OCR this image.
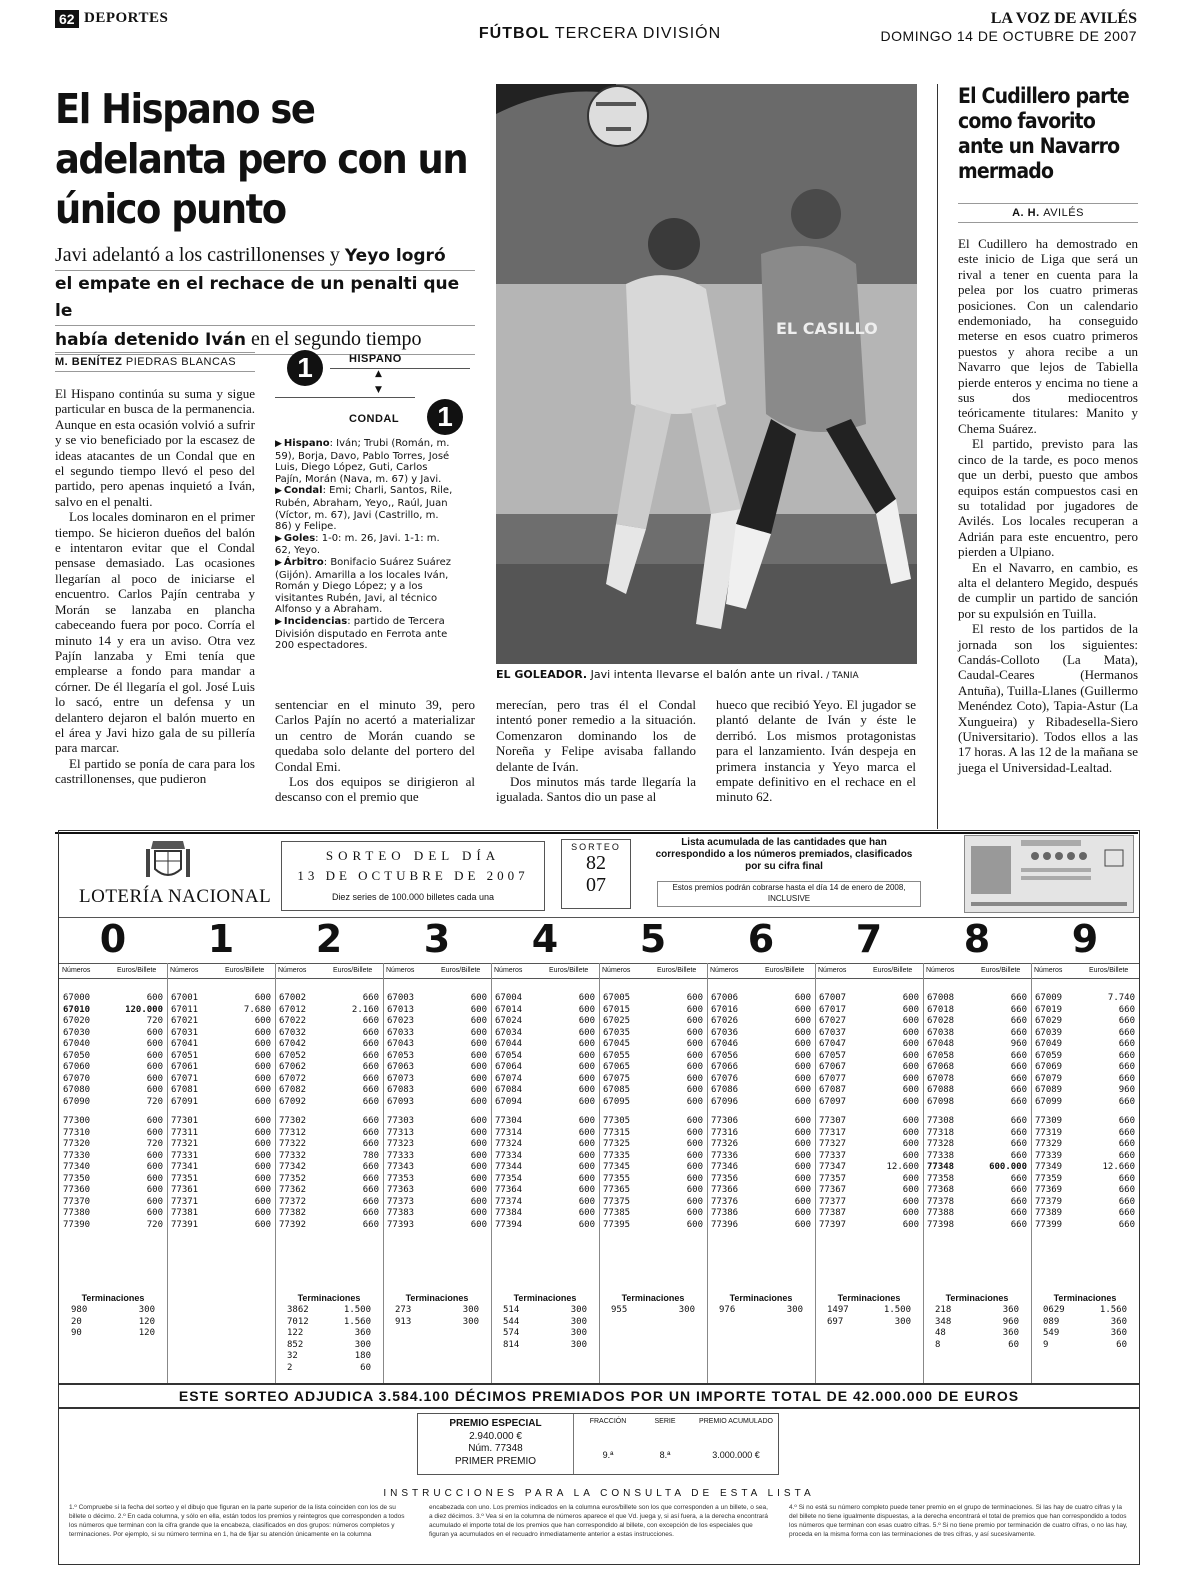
62 DEPORTES
FÚTBOL TERCERA DIVISIÓN
LA VOZ DE AVILÉS
DOMINGO 14 DE OCTUBRE DE 2007
El Hispano se adelanta pero con un único punto
Javi adelantó a los castrillonenses y Yeyo logró
el empate en el rechace de un penalti que le
había detenido Iván en el segundo tiempo
M. BENÍTEZ PIEDRAS BLANCAS

El Hispano continúa su suma y sigue particular en busca de la permanencia. Aunque en esta ocasión volvió a sufrir y se vio beneficiado por la escasez de ideas atacantes de un Condal que en el segundo tiempo llevó el peso del partido, pero apenas inquietó a Iván, salvo en el penalti.

Los locales dominaron en el primer tiempo. Se hicieron dueños del balón e intentaron evitar que el Condal pensase demasiado. Las ocasiones llegarían al poco de iniciarse el encuentro. Carlos Pajín centraba y Morán se lanzaba en plancha cabeceando fuera por poco. Corría el minuto 14 y era un aviso. Otra vez Pajín lanzaba y Emi tenía que emplearse a fondo para mandar a córner. De él llegaría el gol. José Luis lo sacó, entre un defensa y un delantero dejaron el balón muerto en el área y Javi hizo gala de su pillería para marcar.

El partido se ponía de cara para los castrillonenses, que pudieron

1	HISPANO
▲
▼
CONDAL	1
▶ Hispano: Iván; Trubi (Román, m. 59), Borja, Davo, Pablo Torres, José Luis, Diego López, Guti, Carlos Pajín, Morán (Nava, m. 67) y Javi.
▶ Condal: Emi; Charli, Santos, Rile, Rubén, Abraham, Yeyo,, Raúl, Juan (Víctor, m. 67), Javi (Castrillo, m. 86) y Felipe.
▶ Goles: 1-0: m. 26, Javi. 1-1: m. 62, Yeyo.
▶ Árbitro: Bonifacio Suárez Suárez (Gijón). Amarilla a los locales Iván, Román y Diego López; y a los visitantes Rubén, Javi, al técnico Alfonso y a Abraham.
▶ Incidencias: partido de Tercera División disputado en Ferrota ante 200 espectadores.
EL CASILLO
EL GOLEADOR. Javi intenta llevarse el balón ante un rival. / TANIA

sentenciar en el minuto 39, pero Carlos Pajín no acertó a materializar un centro de Morán cuando se quedaba solo delante del portero del Condal Emi.

Los dos equipos se dirigieron al descanso con el premio que

merecían, pero tras él el Condal intentó poner remedio a la situación. Comenzaron dominando los de Noreña y Felipe avisaba fallando delante de Iván.

Dos minutos más tarde llegaría la igualada. Santos dio un pase al

hueco que recibió Yeyo. El jugador se plantó delante de Iván y éste le derribó. Los mismos protagonistas para el lanzamiento. Iván despeja en primera instancia y Yeyo marca el empate definitivo en el rechace en el minuto 62.

El Cudillero parte como favorito ante un Navarro mermado
A. H. AVILÉS

El Cudillero ha demostrado en este inicio de Liga que será un rival a tener en cuenta para la pelea por los cuatro primeras posiciones. Con un calendario endemoniado, ha conseguido meterse en esos cuatro primeros puestos y ahora recibe a un Navarro que lejos de Tabiella pierde enteros y encima no tiene a sus dos mediocentros teóricamente titulares: Manito y Chema Suárez.

El partido, previsto para las cinco de la tarde, es poco menos que un derbi, puesto que ambos equipos están compuestos casi en su totalidad por jugadores de Avilés. Los locales recuperan a Adrián para este encuentro, pero pierden a Ulpiano.

En el Navarro, en cambio, es alta el delantero Megido, después de cumplir un partido de sanción por su expulsión en Tuilla.

El resto de los partidos de la jornada son los siguientes: Candás-Colloto (La Mata), Caudal-Ceares (Hermanos Antuña), Tuilla-Llanes (Guillermo Menéndez Coto), Tapia-Astur (La Xungueira) y Ribadesella-Siero (Universitario). Todos ellos a las 17 horas. A las 12 de la mañana se juega el Universidad-Lealtad.

LOTERÍA NACIONAL
SORTEO DEL DÍA
13 DE OCTUBRE DE 2007
Diez series de 100.000 billetes cada una
SORTEO
82
07
Lista acumulada de las cantidades que han correspondido a los números premiados, clasificados por su cifra final
Estos premios podrán cobrarse hasta el día 14 de enero de 2008, INCLUSIVE
0	1	2	3	4	5	6	7	8	9
Números	Euros/Billete Números	Euros/Billete Números	Euros/Billete Números	Euros/Billete Números	Euros/Billete Números	Euros/Billete Números	Euros/Billete Números	Euros/Billete Números	Euros/Billete Números	Euros/Billete
67000	600
67010	120.000
67020	720
67030	600
67040	600
67050	600
67060	600
67070	600
67080	600
67090	720
77300	600
77310	600
77320	720
77330	600
77340	600
77350	600
77360	600
77370	600
77380	600
77390	720
Terminaciones
980	300
20	120
90	120
67001	600
67011	7.680
67021	600
67031	600
67041	600
67051	600
67061	600
67071	600
67081	600
67091	600
77301	600
77311	600
77321	600
77331	600
77341	600
77351	600
77361	600
77371	600
77381	600
77391	600
67002	660
67012	2.160
67022	660
67032	660
67042	660
67052	660
67062	660
67072	660
67082	660
67092	660
77302	660
77312	660
77322	660
77332	780
77342	660
77352	660
77362	660
77372	660
77382	660
77392	660
Terminaciones
3862	1.500
7012	1.560
122	360
852	300
32	180
2	60
67003	600
67013	600
67023	600
67033	600
67043	600
67053	600
67063	600
67073	600
67083	600
67093	600
77303	600
77313	600
77323	600
77333	600
77343	600
77353	600
77363	600
77373	600
77383	600
77393	600
Terminaciones
273	300
913	300
67004	600
67014	600
67024	600
67034	600
67044	600
67054	600
67064	600
67074	600
67084	600
67094	600
77304	600
77314	600
77324	600
77334	600
77344	600
77354	600
77364	600
77374	600
77384	600
77394	600
Terminaciones
514	300
544	300
574	300
814	300
67005	600
67015	600
67025	600
67035	600
67045	600
67055	600
67065	600
67075	600
67085	600
67095	600
77305	600
77315	600
77325	600
77335	600
77345	600
77355	600
77365	600
77375	600
77385	600
77395	600
Terminaciones
955	300
67006	600
67016	600
67026	600
67036	600
67046	600
67056	600
67066	600
67076	600
67086	600
67096	600
77306	600
77316	600
77326	600
77336	600
77346	600
77356	600
77366	600
77376	600
77386	600
77396	600
Terminaciones
976	300
67007	600
67017	600
67027	600
67037	600
67047	600
67057	600
67067	600
67077	600
67087	600
67097	600
77307	600
77317	600
77327	600
77337	600
77347	12.600
77357	600
77367	600
77377	600
77387	600
77397	600
Terminaciones
1497	1.500
697	300
67008	660
67018	660
67028	660
67038	660
67048	960
67058	660
67068	660
67078	660
67088	660
67098	660
77308	660
77318	660
77328	660
77338	660
77348	600.000
77358	660
77368	660
77378	660
77388	660
77398	660
Terminaciones
218	360
348	960
48	360
8	60
67009	7.740
67019	660
67029	660
67039	660
67049	660
67059	660
67069	660
67079	660
67089	960
67099	660
77309	660
77319	660
77329	660
77339	660
77349	12.660
77359	660
77369	660
77379	660
77389	660
77399	660
Terminaciones
0629	1.560
089	360
549	360
9	60
ESTE SORTEO ADJUDICA 3.584.100 DÉCIMOS PREMIADOS POR UN IMPORTE TOTAL DE 42.000.000 DE EUROS
PREMIO ESPECIAL
2.940.000 €
Núm. 77348
PRIMER PREMIO
FRACCIÓN	SERIE	PREMIO ACUMULADO
9.ª	8.ª	3.000.000 €
INSTRUCCIONES PARA LA CONSULTA DE ESTA LISTA
1.º Compruebe si la fecha del sorteo y el dibujo que figuran en la parte superior de la lista coinciden con los de su billete o décimo. 2.º En cada columna, y sólo en ella, están todos los premios y reintegros que corresponden a todos los números que terminan con la cifra grande que la encabeza, clasificados en dos grupos: números completos y terminaciones. Por ejemplo, si su número termina en 1, ha de fijar su atención únicamente en la columna
encabezada con uno. Los premios indicados en la columna euros/billete son los que corresponden a un billete, o sea, a diez décimos. 3.º Vea si en la columna de números aparece el que Vd. juega y, si así fuera, a la derecha encontrará acumulado el importe total de los premios que han correspondido al billete, con excepción de los especiales que figuran ya acumulados en el recuadro inmediatamente anterior a estas instrucciones.
4.º Si no está su número completo puede tener premio en el grupo de terminaciones. Si las hay de cuatro cifras y la del billete no tiene igualmente dispuestas, a la derecha encontrará el total de premios que han correspondido a todos los números que terminan con esas cuatro cifras. 5.º Si no tiene premio por terminación de cuatro cifras, o no las hay, proceda en la misma forma con las terminaciones de tres cifras, y así sucesivamente.
